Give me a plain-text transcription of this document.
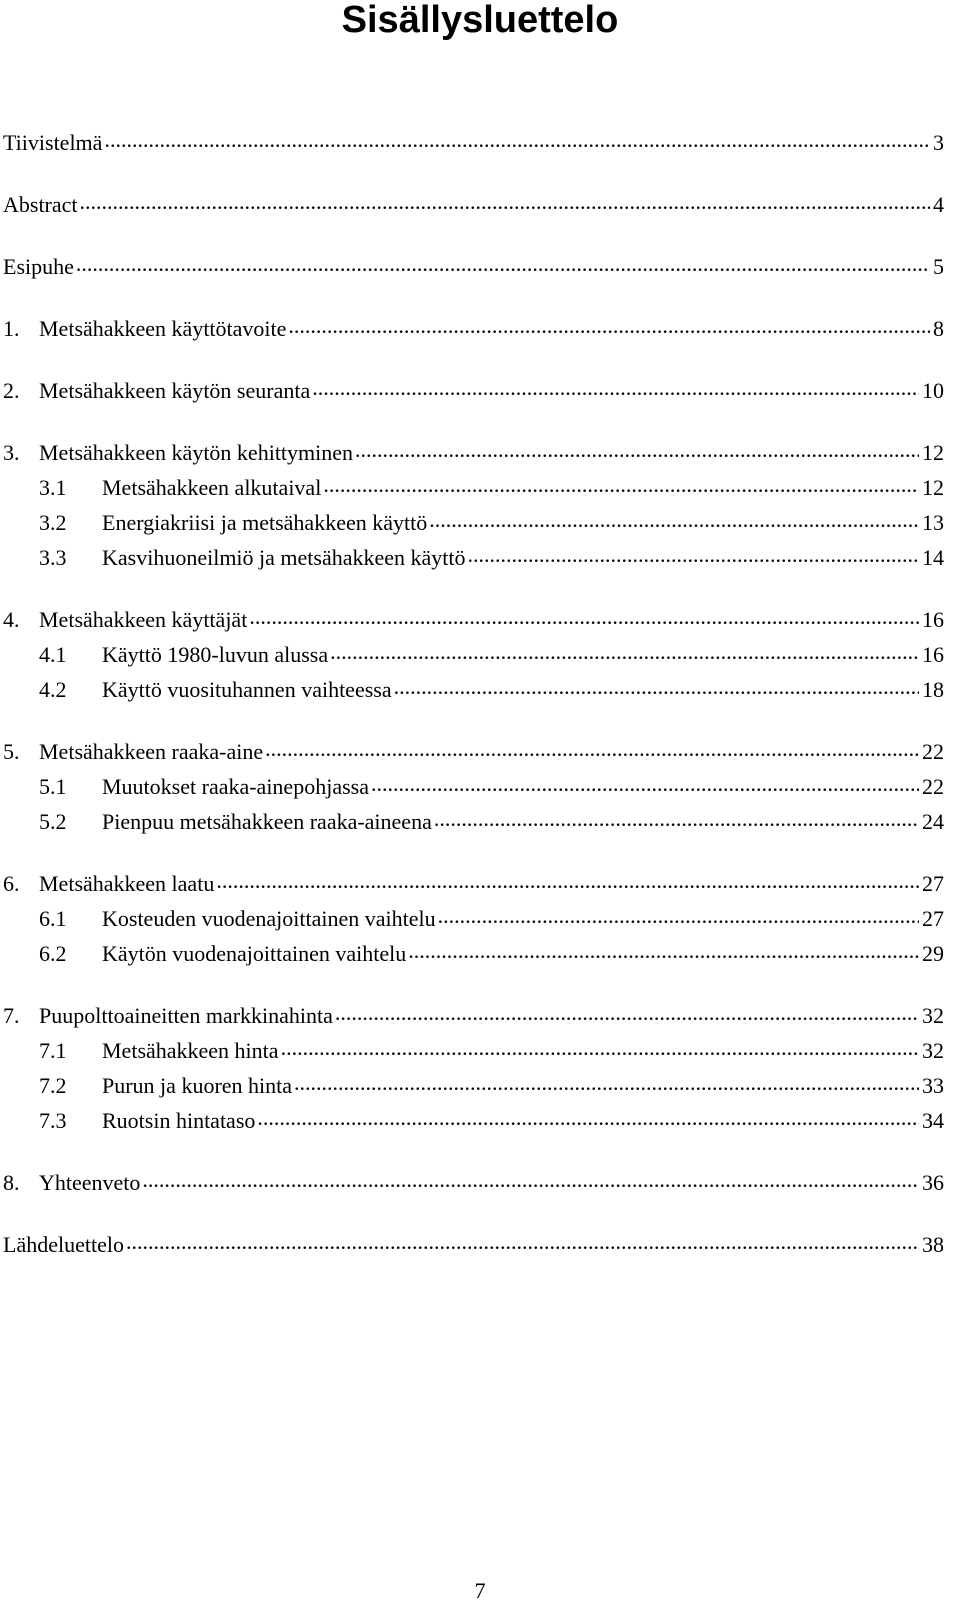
Sisällysluettelo
Tiivistelmä .....	3
Abstract .....	4
Esipuhe .....	5
1. Metsähakkeen käyttötavoite .....	8
2. Metsähakkeen käytön seuranta .....	10
3. Metsähakkeen käytön kehittyminen .....	12
3.1	Metsähakkeen alkutaival .....	12
3.2	Energiakriisi ja metsähakkeen käyttö .....	13
3.3	Kasvihuoneilmiö ja metsähakkeen käyttö .....	14
4. Metsähakkeen käyttäjät .....	16
4.1	Käyttö 1980-luvun alussa .....	16
4.2	Käyttö vuosituhannen vaihteessa .....	18
5. Metsähakkeen raaka-aine .....	22
5.1	Muutokset raaka-ainepohjassa .....	22
5.2	Pienpuu metsähakkeen raaka-aineena .....	24
6. Metsähakkeen laatu .....	27
6.1	Kosteuden vuodenajoittainen vaihtelu .....	27
6.2	Käytön vuodenajoittainen vaihtelu .....	29
7. Puupolttoaineitten markkinahinta .....	32
7.1	Metsähakkeen hinta .....	32
7.2	Purun ja kuoren hinta .....	33
7.3	Ruotsin hintataso .....	34
8. Yhteenveto .....	36
Lähdeluettelo .....	38
7
